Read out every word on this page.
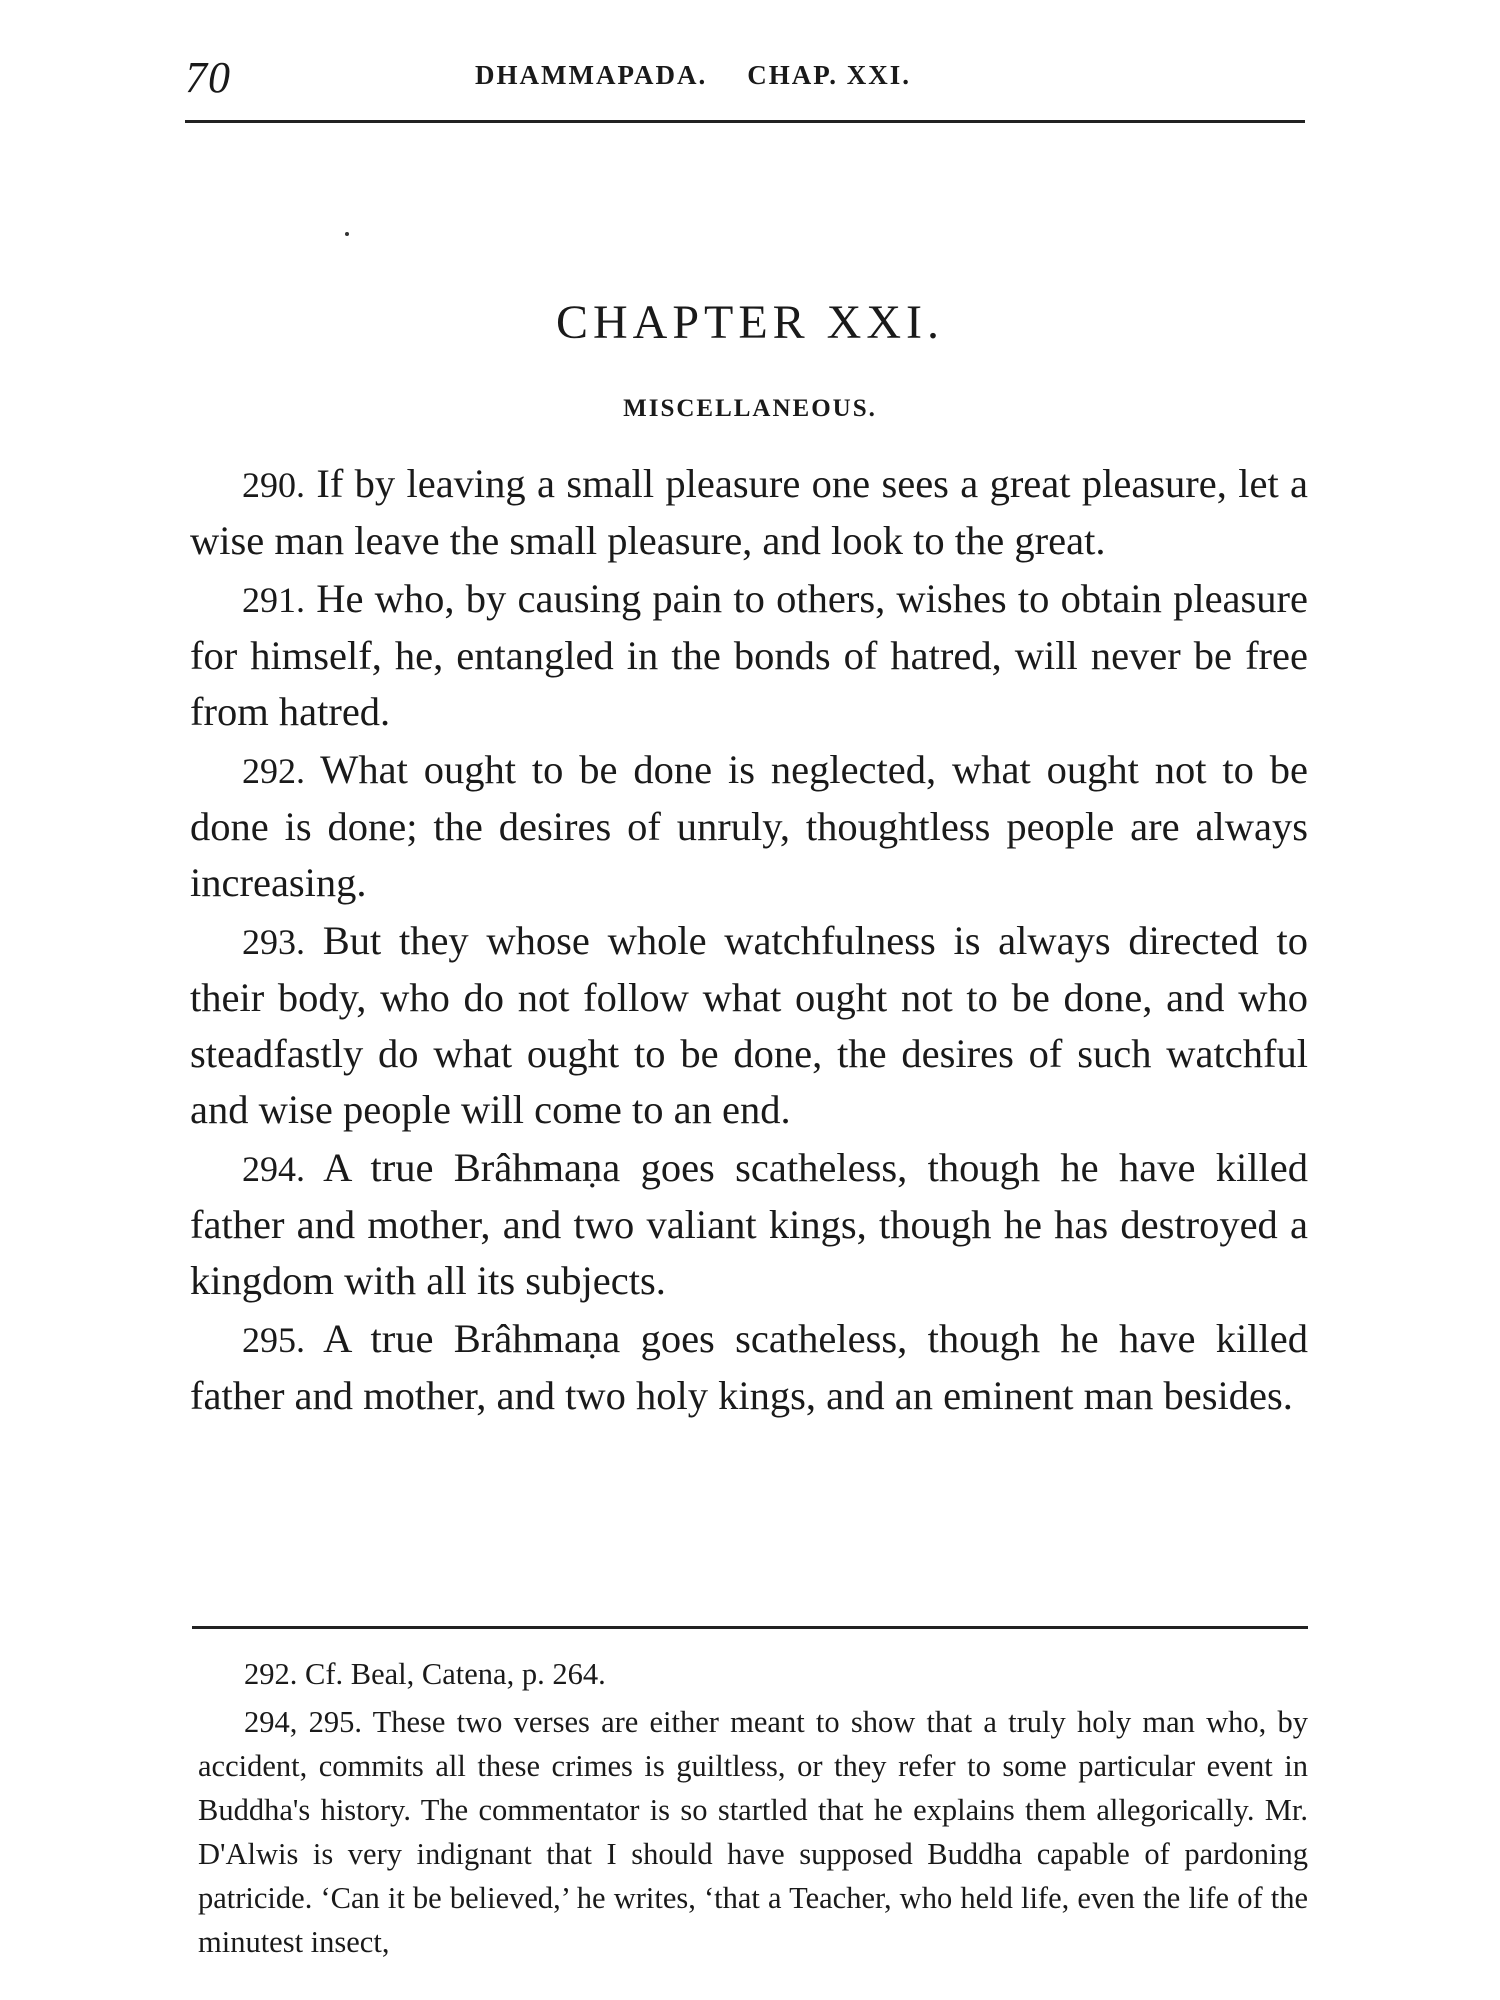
70	DHAMMAPADA. CHAP. XXI.
CHAPTER XXI.
MISCELLANEOUS.

290. If by leaving a small pleasure one sees a great pleasure, let a wise man leave the small pleasure, and look to the great.

291. He who, by causing pain to others, wishes to obtain pleasure for himself, he, entangled in the bonds of hatred, will never be free from hatred.

292. What ought to be done is neglected, what ought not to be done is done; the desires of unruly, thoughtless people are always increasing.

293. But they whose whole watchfulness is always directed to their body, who do not follow what ought not to be done, and who steadfastly do what ought to be done, the desires of such watchful and wise people will come to an end.

294. A true Brâhmaṇa goes scatheless, though he have killed father and mother, and two valiant kings, though he has destroyed a kingdom with all its subjects.

295. A true Brâhmaṇa goes scatheless, though he have killed father and mother, and two holy kings, and an eminent man besides.

292. Cf. Beal, Catena, p. 264.

294, 295. These two verses are either meant to show that a truly holy man who, by accident, commits all these crimes is guiltless, or they refer to some particular event in Buddha's history. The commentator is so startled that he explains them allegorically. Mr. D'Alwis is very indignant that I should have supposed Buddha capable of pardoning patricide. ‘Can it be believed,’ he writes, ‘that a Teacher, who held life, even the life of the minutest insect,
